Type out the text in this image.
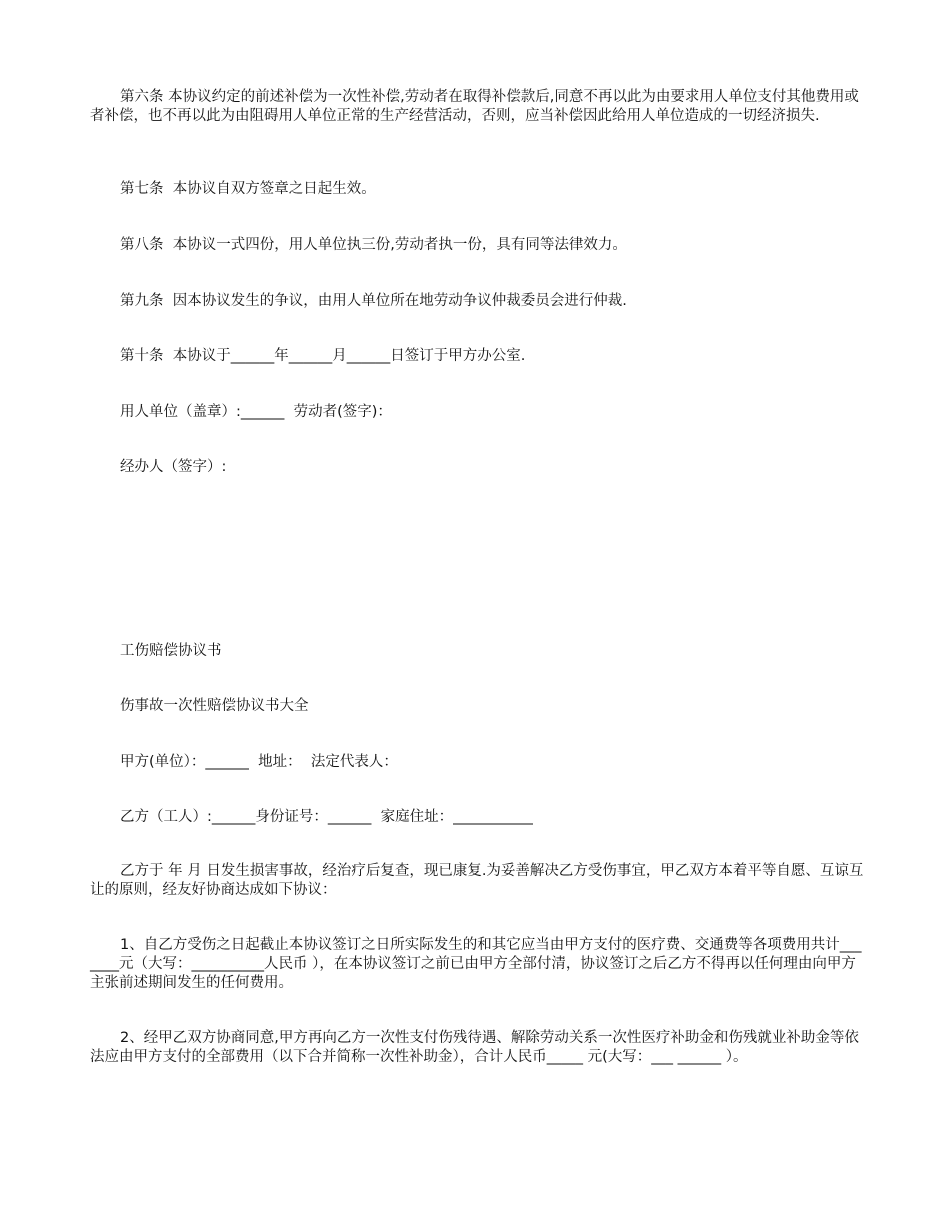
第六条 本协议约定的前述补偿为一次性补偿,劳动者在取得补偿款后,同意不再以此为由要求用人单位支付其他费用或者补偿，也不再以此为由阻碍用人单位正常的生产经营活动，否则，应当补偿因此给用人单位造成的一切经济损失.
第七条  本协议自双方签章之日起生效。
第八条  本协议一式四份，用人单位执三份,劳动者执一份，具有同等法律效力。
第九条  因本协议发生的争议，由用人单位所在地劳动争议仲裁委员会进行仲裁.
第十条  本协议于______年______月______日签订于甲方办公室.
用人单位（盖章）:______  劳动者(签字)：
经办人（签字）:
工伤赔偿协议书
伤事故一次性赔偿协议书大全
甲方(单位）：______  地址：  法定代表人：
乙方（工人）:______身份证号：______  家庭住址：___________
乙方于 年 月 日发生损害事故，经治疗后复查，现已康复.为妥善解决乙方受伤事宜，甲乙双方本着平等自愿、互谅互让的原则，经友好协商达成如下协议：
1、自乙方受伤之日起截止本协议签订之日所实际发生的和其它应当由甲方支付的医疗费、交通费等各项费用共计_______元（大写：__________人民币 ），在本协议签订之前已由甲方全部付清，协议签订之后乙方不得再以任何理由向甲方主张前述期间发生的任何费用。
2、经甲乙双方协商同意,甲方再向乙方一次性支付伤残待遇、解除劳动关系一次性医疗补助金和伤残就业补助金等依法应由甲方支付的全部费用（以下合并简称一次性补助金），合计人民币_____ 元(大写：___ ______ ）。
